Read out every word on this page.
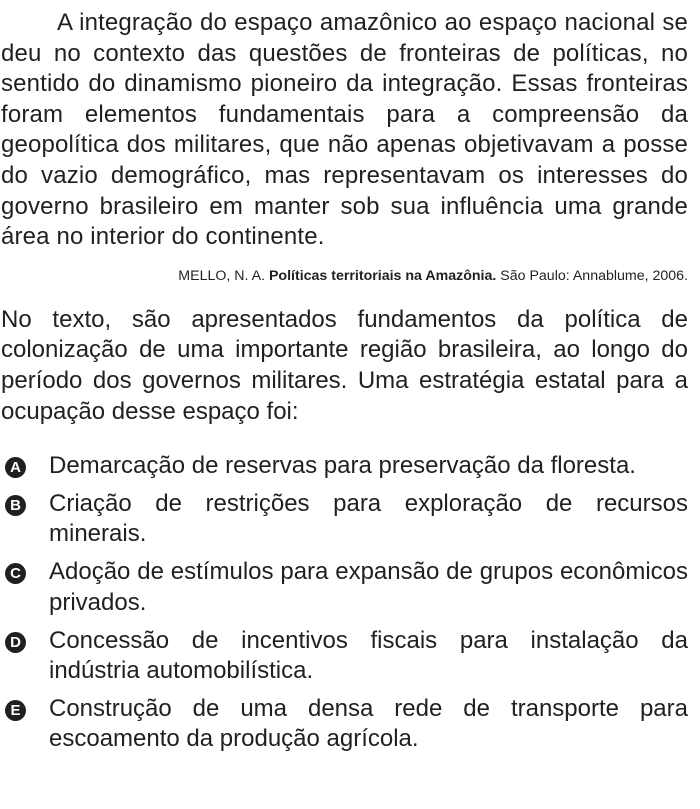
A integração do espaço amazônico ao espaço nacional se deu no contexto das questões de fronteiras de políticas, no sentido do dinamismo pioneiro da integração. Essas fronteiras foram elementos fundamentais para a compreensão da geopolítica dos militares, que não apenas objetivavam a posse do vazio demográfico, mas representavam os interesses do governo brasileiro em manter sob sua influência uma grande área no interior do continente.

MELLO, N. A. Políticas territoriais na Amazônia. São Paulo: Annablume, 2006.

No texto, são apresentados fundamentos da política de colonização de uma importante região brasileira, ao longo do período dos governos militares. Uma estratégia estatal para a ocupação desse espaço foi:

A Demarcação de reservas para preservação da floresta.
B Criação de restrições para exploração de recursos minerais.
C Adoção de estímulos para expansão de grupos econômicos privados.
D Concessão de incentivos fiscais para instalação da indústria automobilística.
E Construção de uma densa rede de transporte para escoamento da produção agrícola.
